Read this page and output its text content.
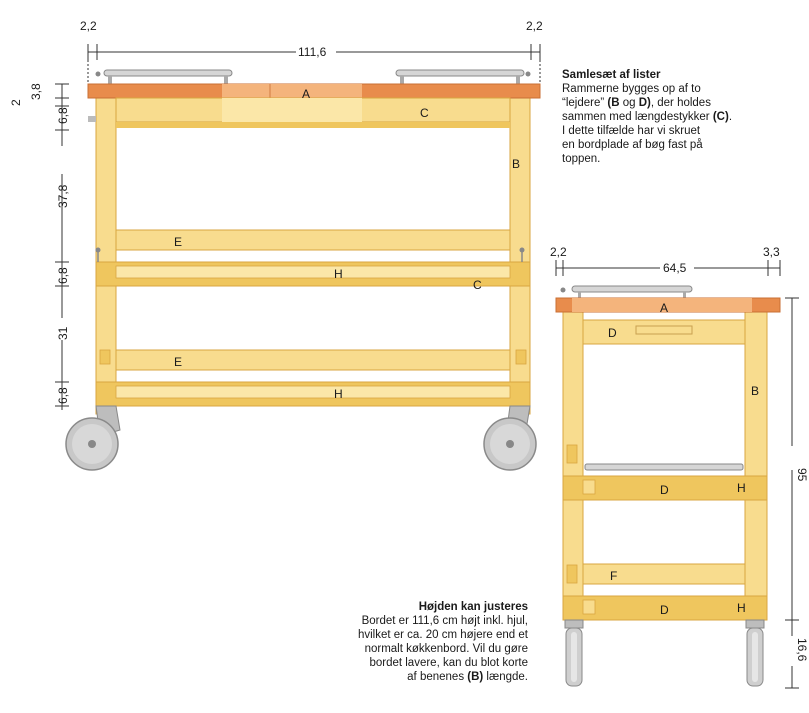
2,2	2,2
111,6
3,8
2
6,8
37,8
6,8
31
6,8
A
B
C
C
E
E
H
H
2,2	3,3
64,5
95
16,6
A
B
D
D
D
F
H
H
Samlesæt af lister
Rammerne bygges op af to
“lejdere” (B og D), der holdes
sammen med længdestykker (C).
I dette tilfælde har vi skruet
en bordplade af bøg fast på
toppen.
Højden kan justeres
Bordet er 111,6 cm højt inkl. hjul,
hvilket er ca. 20 cm højere end et
normalt køkkenbord. Vil du gøre
bordet lavere, kan du blot korte
af benenes (B) længde.
